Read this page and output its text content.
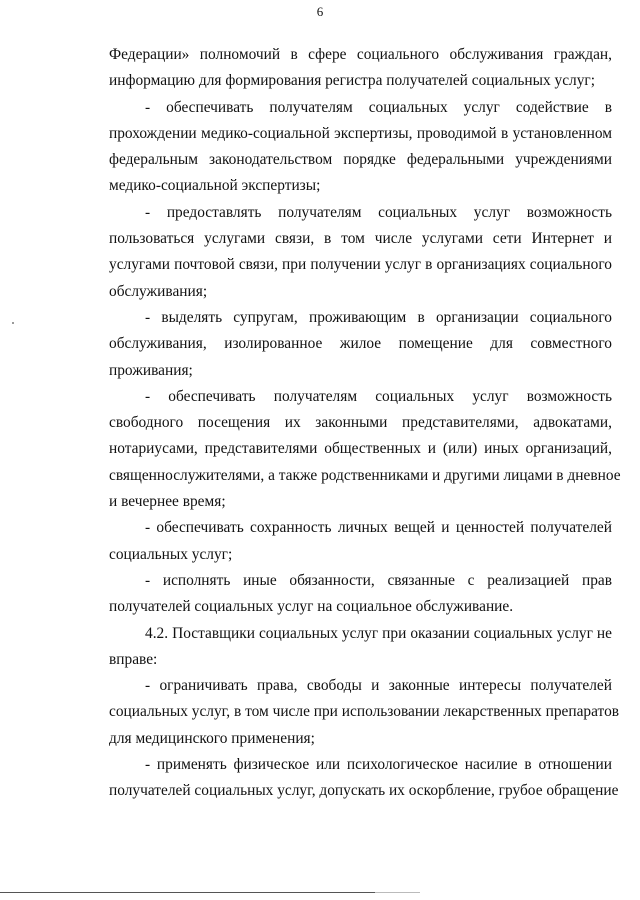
6
Федерации» полномочий в сфере социального обслуживания граждан,
информацию для формирования регистра получателей социальных услуг;
- обеспечивать получателям социальных услуг содействие в
прохождении медико-социальной экспертизы, проводимой в установленном
федеральным законодательством порядке федеральными учреждениями
медико-социальной экспертизы;
- предоставлять получателям социальных услуг возможность
пользоваться услугами связи, в том числе услугами сети Интернет и
услугами почтовой связи, при получении услуг в организациях социального
обслуживания;
- выделять супругам, проживающим в организации социального
обслуживания, изолированное жилое помещение для совместного
проживания;
- обеспечивать получателям социальных услуг возможность
свободного посещения их законными представителями, адвокатами,
нотариусами, представителями общественных и (или) иных организаций,
священнослужителями, а также родственниками и другими лицами в дневное
и вечернее время;
- обеспечивать сохранность личных вещей и ценностей получателей
социальных услуг;
- исполнять иные обязанности, связанные с реализацией прав
получателей социальных услуг на социальное обслуживание.
4.2. Поставщики социальных услуг при оказании социальных услуг не
вправе:
- ограничивать права, свободы и законные интересы получателей
социальных услуг, в том числе при использовании лекарственных препаратов
для медицинского применения;
- применять физическое или психологическое насилие в отношении
получателей социальных услуг, допускать их оскорбление, грубое обращение
